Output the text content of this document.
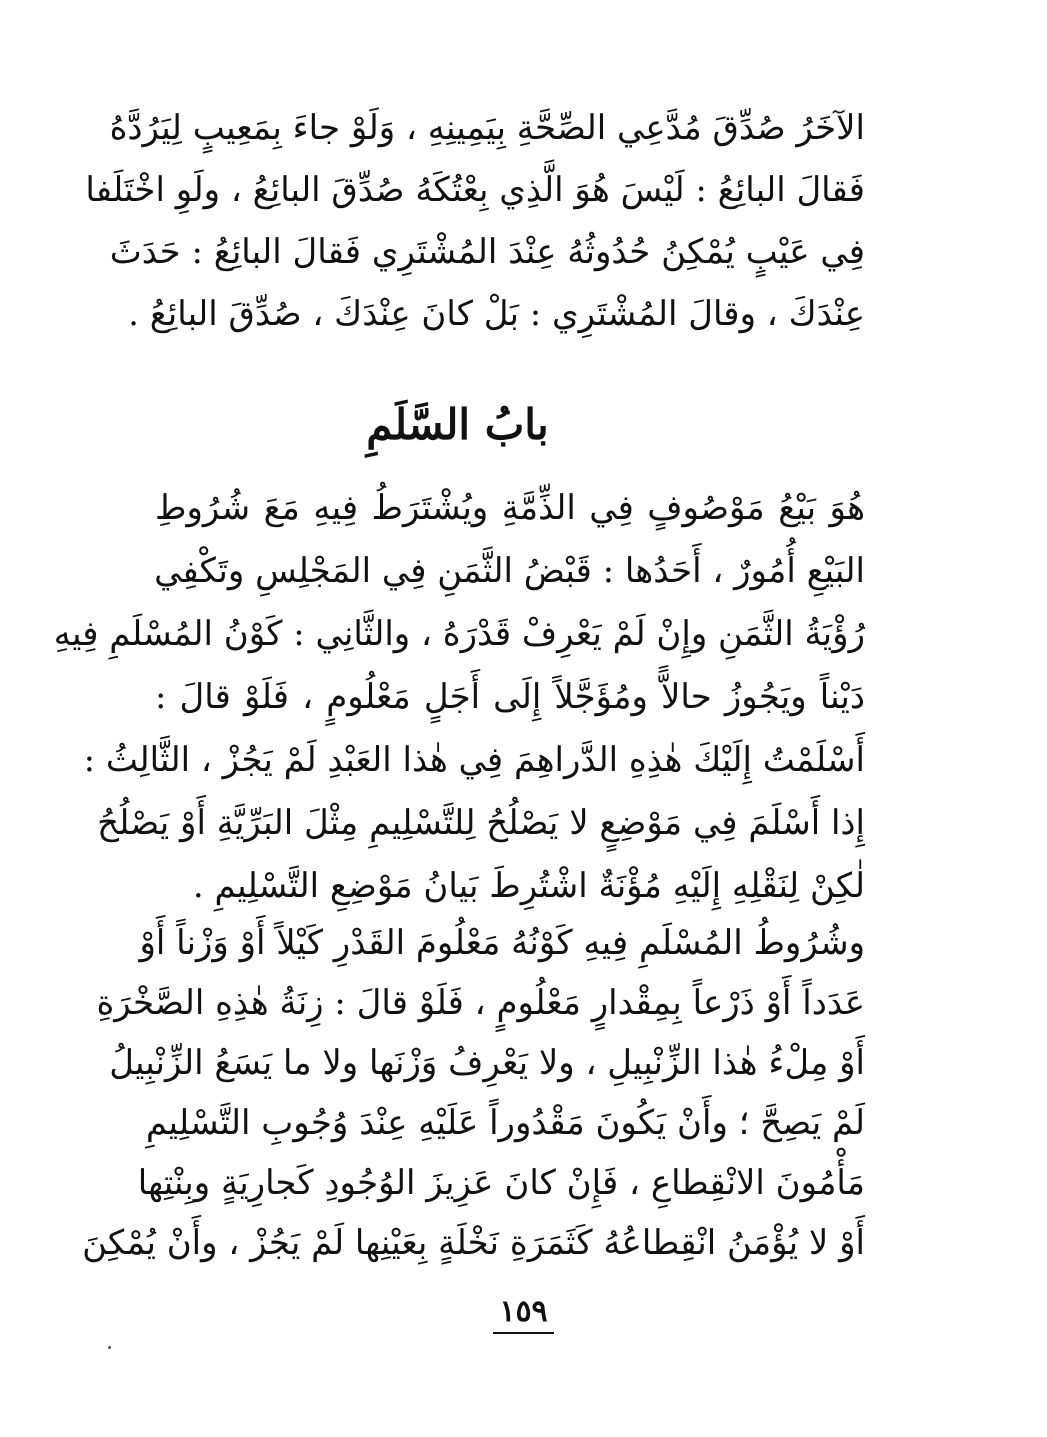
الآخَرُ صُدِّقَ مُدَّعِي الصِّحَّةِ بِيَمِينِهِ ، وَلَوْ جاءَ بِمَعِيبٍ لِيَرُدَّهُ
فَقالَ البائِعُ : لَيْسَ هُوَ الَّذِي بِعْتُكَهُ صُدِّقَ البائِعُ ، ولَوِ اخْتَلَفا
فِي عَيْبٍ يُمْكِنُ حُدُوثُهُ عِنْدَ المُشْتَرِي فَقالَ البائِعُ : حَدَثَ
عِنْدَكَ ، وقالَ المُشْتَرِي : بَلْ كانَ عِنْدَكَ ، صُدِّقَ البائِعُ .
بابُ السَّلَمِ
هُوَ بَيْعُ مَوْصُوفٍ فِي الذِّمَّةِ ويُشْتَرَطُ فِيهِ مَعَ شُرُوطِ
البَيْعِ أُمُورٌ ، أَحَدُها : قَبْضُ الثَّمَنِ فِي المَجْلِسِ وتَكْفِي
رُؤْيَةُ الثَّمَنِ وإِنْ لَمْ يَعْرِفْ قَدْرَهُ ، والثَّانِي : كَوْنُ المُسْلَمِ فِيهِ
دَيْناً ويَجُوزُ حالاًّ ومُؤَجَّلاً إِلَى أَجَلٍ مَعْلُومٍ ، فَلَوْ قالَ :
أَسْلَمْتُ إِلَيْكَ هٰذِهِ الدَّراهِمَ فِي هٰذا العَبْدِ لَمْ يَجُزْ ، الثَّالِثُ :
إِذا أَسْلَمَ فِي مَوْضِعٍ لا يَصْلُحُ لِلتَّسْلِيمِ مِثْلَ البَرِّيَّةِ أَوْ يَصْلُحُ
لٰكِنْ لِنَقْلِهِ إِلَيْهِ مُؤْنَةٌ اشْتُرِطَ بَيانُ مَوْضِعِ التَّسْلِيمِ .
وشُرُوطُ المُسْلَمِ فِيهِ كَوْنُهُ مَعْلُومَ القَدْرِ كَيْلاً أَوْ وَزْناً أَوْ
عَدَداً أَوْ ذَرْعاً بِمِقْدارٍ مَعْلُومٍ ، فَلَوْ قالَ : زِنَةُ هٰذِهِ الصَّخْرَةِ
أَوْ مِلْءُ هٰذا الزِّنْبِيلِ ، ولا يَعْرِفُ وَزْنَها ولا ما يَسَعُ الزِّنْبِيلُ
لَمْ يَصِحَّ ؛ وأَنْ يَكُونَ مَقْدُوراً عَلَيْهِ عِنْدَ وُجُوبِ التَّسْلِيمِ
مَأْمُونَ الانْقِطاعِ ، فَإِنْ كانَ عَزِيزَ الوُجُودِ كَجارِيَةٍ وبِنْتِها
أَوْ لا يُؤْمَنُ انْقِطاعُهُ كَثَمَرَةِ نَخْلَةٍ بِعَيْنِها لَمْ يَجُزْ ، وأَنْ يُمْكِنَ
١٥٩
